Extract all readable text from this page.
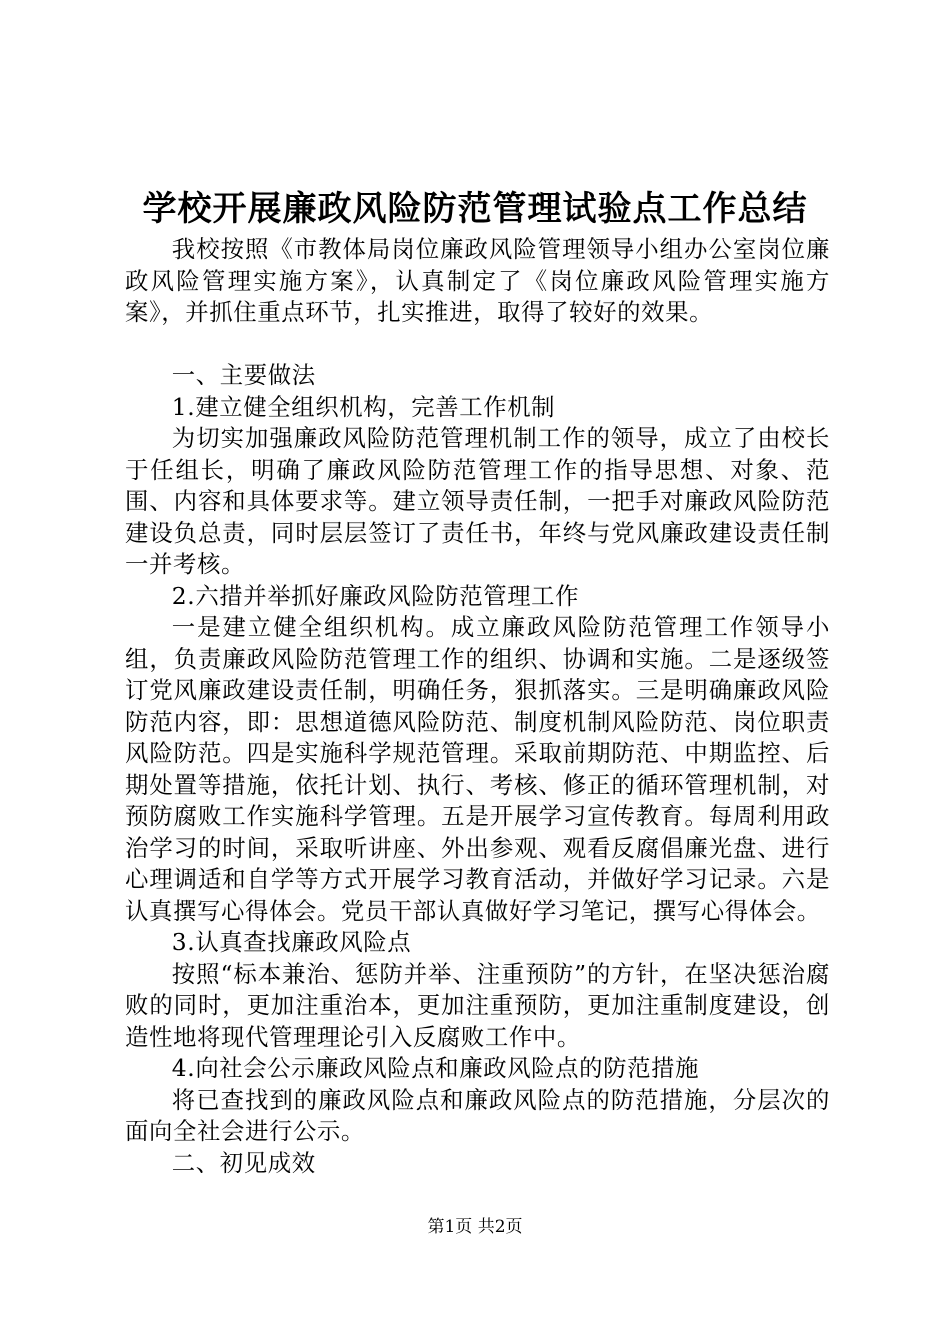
学校开展廉政风险防范管理试验点工作总结

我校按照《市教体局岗位廉政风险管理领导小组办公室岗位廉政风险管理实施方案》，认真制定了《岗位廉政风险管理实施方案》，并抓住重点环节，扎实推进，取得了较好的效果。

一、主要做法

1.建立健全组织机构，完善工作机制

为切实加强廉政风险防范管理机制工作的领导，成立了由校长于任组长，明确了廉政风险防范管理工作的指导思想、对象、范围、内容和具体要求等。建立领导责任制，一把手对廉政风险防范建设负总责，同时层层签订了责任书，年终与党风廉政建设责任制一并考核。

2.六措并举抓好廉政风险防范管理工作

一是建立健全组织机构。成立廉政风险防范管理工作领导小组，负责廉政风险防范管理工作的组织、协调和实施。二是逐级签订党风廉政建设责任制，明确任务，狠抓落实。三是明确廉政风险防范内容，即：思想道德风险防范、制度机制风险防范、岗位职责风险防范。四是实施科学规范管理。采取前期防范、中期监控、后期处置等措施，依托计划、执行、考核、修正的循环管理机制，对预防腐败工作实施科学管理。五是开展学习宣传教育。每周利用政治学习的时间，采取听讲座、外出参观、观看反腐倡廉光盘、进行心理调适和自学等方式开展学习教育活动，并做好学习记录。六是认真撰写心得体会。党员干部认真做好学习笔记，撰写心得体会。

3.认真查找廉政风险点

按照“标本兼治、惩防并举、注重预防”的方针，在坚决惩治腐败的同时，更加注重治本，更加注重预防，更加注重制度建设，创造性地将现代管理理论引入反腐败工作中。

4.向社会公示廉政风险点和廉政风险点的防范措施

将已查找到的廉政风险点和廉政风险点的防范措施，分层次的面向全社会进行公示。

二、初见成效

第1页 共2页
